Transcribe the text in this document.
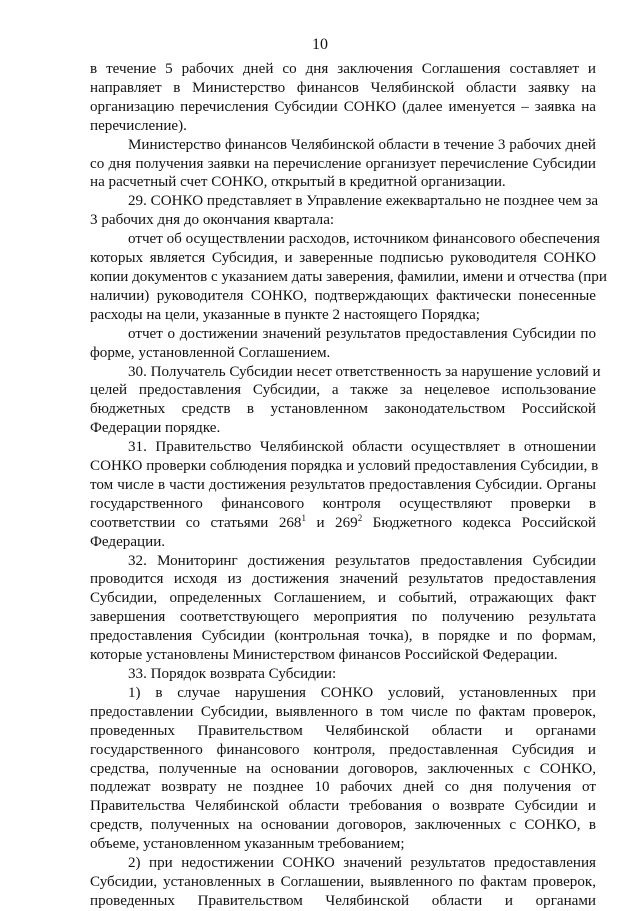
10
в течение 5 рабочих дней со дня заключения Соглашения составляет и
направляет в Министерство финансов Челябинской области заявку на
организацию перечисления Субсидии СОНКО (далее именуется – заявка на
перечисление).
Министерство финансов Челябинской области в течение 3 рабочих дней
со дня получения заявки на перечисление организует перечисление Субсидии
на расчетный счет СОНКО, открытый в кредитной организации.
29. СОНКО представляет в Управление ежеквартально не позднее чем за
3 рабочих дня до окончания квартала:
отчет об осуществлении расходов, источником финансового обеспечения
которых является Субсидия, и заверенные подписью руководителя СОНКО
копии документов с указанием даты заверения, фамилии, имени и отчества (при
наличии) руководителя СОНКО, подтверждающих фактически понесенные
расходы на цели, указанные в пункте 2 настоящего Порядка;
отчет о достижении значений результатов предоставления Субсидии по
форме, установленной Соглашением.
30. Получатель Субсидии несет ответственность за нарушение условий и
целей предоставления Субсидии, а также за нецелевое использование
бюджетных средств в установленном законодательством Российской
Федерации порядке.
31. Правительство Челябинской области осуществляет в отношении
СОНКО проверки соблюдения порядка и условий предоставления Субсидии, в
том числе в части достижения результатов предоставления Субсидии. Органы
государственного финансового контроля осуществляют проверки в
соответствии со статьями $268^1$ и $269^2$ Бюджетного кодекса Российской
Федерации.
32. Мониторинг достижения результатов предоставления Субсидии
проводится исходя из достижения значений результатов предоставления
Субсидии, определенных Соглашением, и событий, отражающих факт
завершения соответствующего мероприятия по получению результата
предоставления Субсидии (контрольная точка), в порядке и по формам,
которые установлены Министерством финансов Российской Федерации.
33. Порядок возврата Субсидии:
1) в случае нарушения СОНКО условий, установленных при
предоставлении Субсидии, выявленного в том числе по фактам проверок,
проведенных Правительством Челябинской области и органами
государственного финансового контроля, предоставленная Субсидия и
средства, полученные на основании договоров, заключенных с СОНКО,
подлежат возврату не позднее 10 рабочих дней со дня получения от
Правительства Челябинской области требования о возврате Субсидии и
средств, полученных на основании договоров, заключенных с СОНКО, в
объеме, установленном указанным требованием;
2) при недостижении СОНКО значений результатов предоставления
Субсидии, установленных в Соглашении, выявленного по фактам проверок,
проведенных Правительством Челябинской области и органами
